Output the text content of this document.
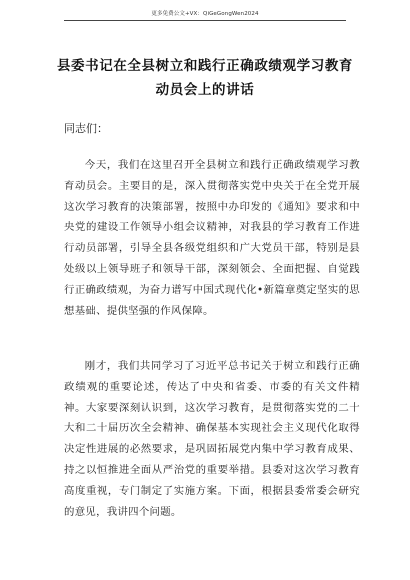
更多免费公文+VX：QiGeGongWen2024
县委书记在全县树立和践行正确政绩观学习教育动员会上的讲话
同志们：
今天，我们在这里召开全县树立和践行正确政绩观学习教育动员会。主要目的是，深入贯彻落实党中央关于在全党开展这次学习教育的决策部署，按照中办印发的《通知》要求和中央党的建设工作领导小组会议精神，对我县的学习教育工作进行动员部署，引导全县各级党组织和广大党员干部，特别是县处级以上领导班子和领导干部，深刻领会、全面把握、自觉践行正确政绩观，为奋力谱写中国式现代化•新篇章奠定坚实的思想基础、提供坚强的作风保障。
刚才，我们共同学习了习近平总书记关于树立和践行正确政绩观的重要论述，传达了中央和省委、市委的有关文件精神。大家要深刻认识到，这次学习教育，是贯彻落实党的二十大和二十届历次全会精神、确保基本实现社会主义现代化取得决定性进展的必然要求，是巩固拓展党内集中学习教育成果、持之以恒推进全面从严治党的重要举措。县委对这次学习教育高度重视，专门制定了实施方案。下面，根据县委常委会研究的意见，我讲四个问题。
